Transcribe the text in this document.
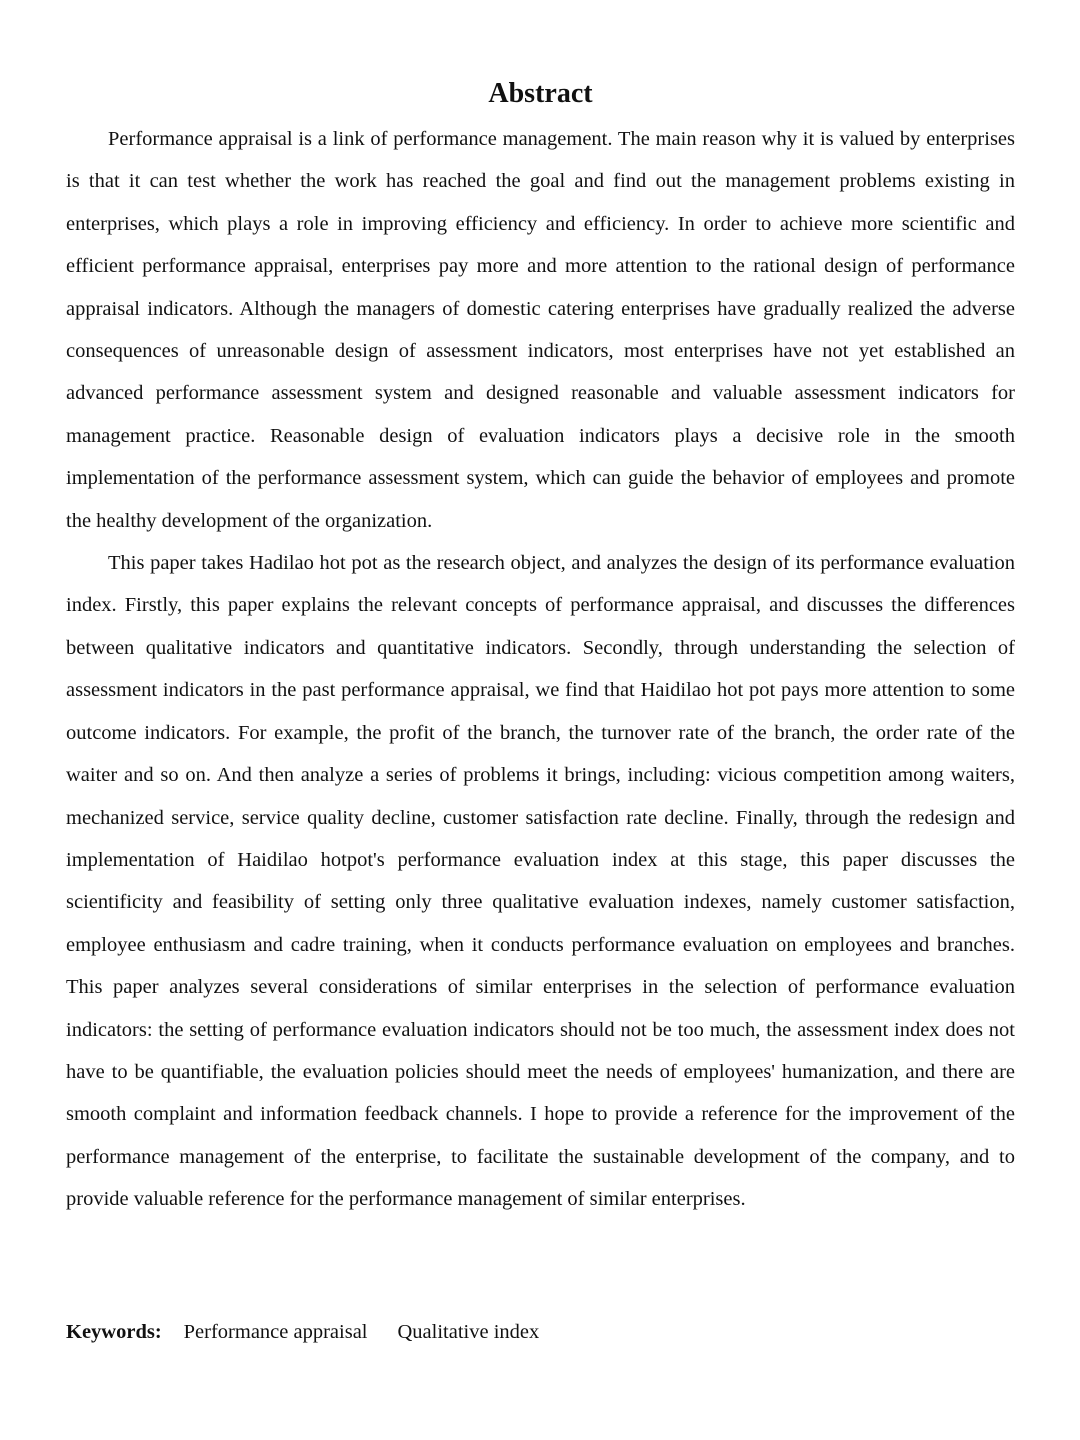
Abstract

Performance appraisal is a link of performance management. The main reason why it is valued by enterprises is that it can test whether the work has reached the goal and find out the management problems existing in enterprises, which plays a role in improving efficiency and efficiency. In order to achieve more scientific and efficient performance appraisal, enterprises pay more and more attention to the rational design of performance appraisal indicators. Although the managers of domestic catering enterprises have gradually realized the adverse consequences of unreasonable design of assessment indicators, most enterprises have not yet established an advanced performance assessment system and designed reasonable and valuable assessment indicators for management practice. Reasonable design of evaluation indicators plays a decisive role in the smooth implementation of the performance assessment system, which can guide the behavior of employees and promote the healthy development of the organization.

This paper takes Hadilao hot pot as the research object, and analyzes the design of its performance evaluation index. Firstly, this paper explains the relevant concepts of performance appraisal, and discusses the differences between qualitative indicators and quantitative indicators. Secondly, through understanding the selection of assessment indicators in the past performance appraisal, we find that Haidilao hot pot pays more attention to some outcome indicators. For example, the profit of the branch, the turnover rate of the branch, the order rate of the waiter and so on. And then analyze a series of problems it brings, including: vicious competition among waiters, mechanized service, service quality decline, customer satisfaction rate decline. Finally, through the redesign and implementation of Haidilao hotpot's performance evaluation index at this stage, this paper discusses the scientificity and feasibility of setting only three qualitative evaluation indexes, namely customer satisfaction, employee enthusiasm and cadre training, when it conducts performance evaluation on employees and branches. This paper analyzes several considerations of similar enterprises in the selection of performance evaluation indicators: the setting of performance evaluation indicators should not be too much, the assessment index does not have to be quantifiable, the evaluation policies should meet the needs of employees' humanization, and there are smooth complaint and information feedback channels. I hope to provide a reference for the improvement of the performance management of the enterprise, to facilitate the sustainable development of the company, and to provide valuable reference for the performance management of similar enterprises.

Keywords: Performance appraisal Qualitative index
